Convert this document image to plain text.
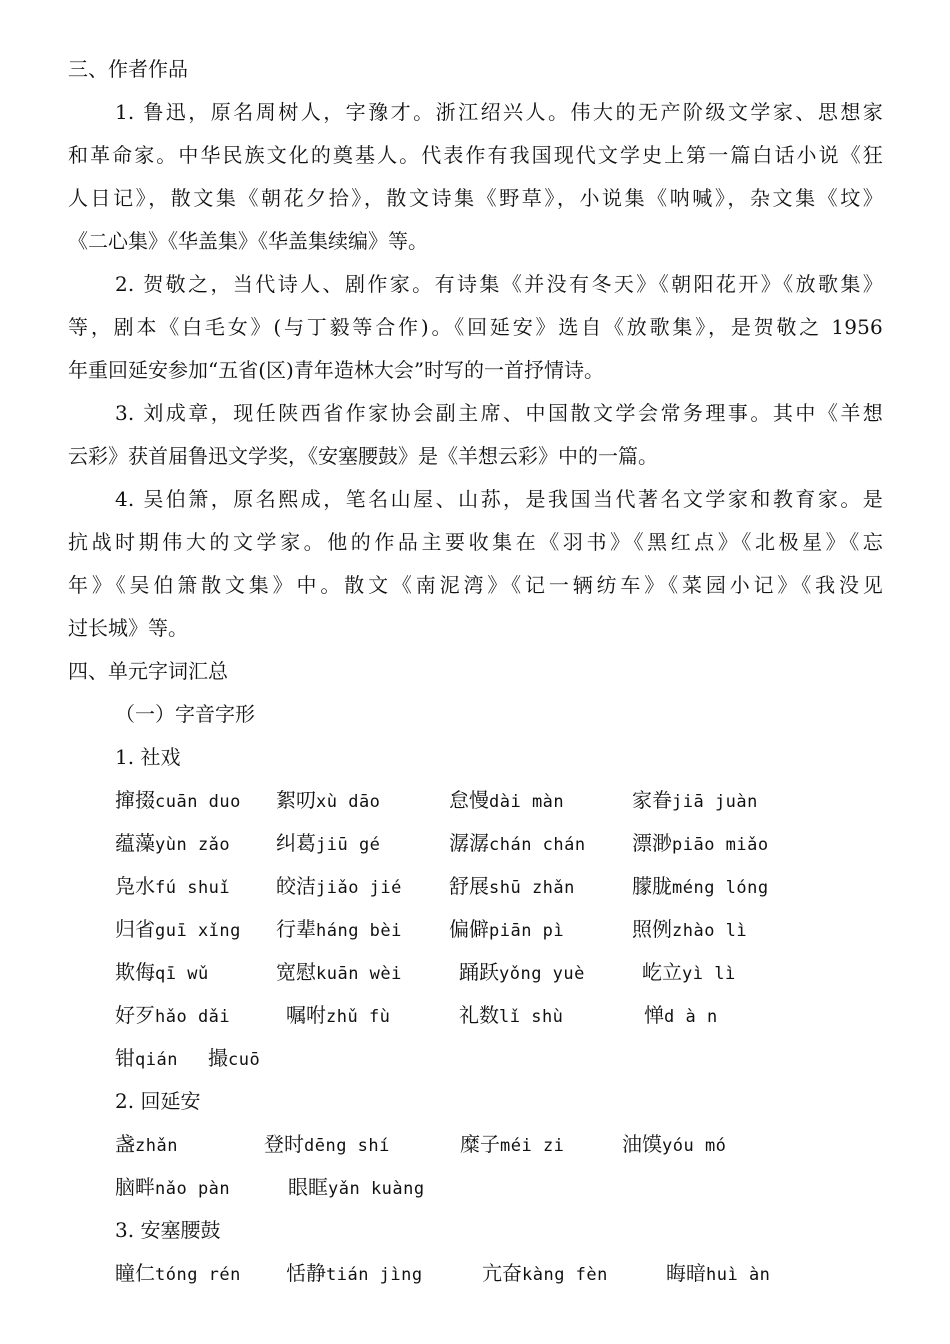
三、作者作品
1. 鲁迅，原名周树人，字豫才。浙江绍兴人。伟大的无产阶级文学家、思想家
和革命家。中华民族文化的奠基人。代表作有我国现代文学史上第一篇白话小说《狂
人日记》，散文集《朝花夕拾》，散文诗集《野草》，小说集《呐喊》，杂文集《坟》
《二心集》《华盖集》《华盖集续编》等。
2. 贺敬之，当代诗人、剧作家。有诗集《并没有冬天》《朝阳花开》《放歌集》
等，剧本《白毛女》(与丁毅等合作)。《回延安》选自《放歌集》，是贺敬之 1956
年重回延安参加“五省(区)青年造林大会”时写的一首抒情诗。
3. 刘成章，现任陕西省作家协会副主席、中国散文学会常务理事。其中《羊想
云彩》获首届鲁迅文学奖，《安塞腰鼓》是《羊想云彩》中的一篇。
4. 吴伯箫，原名熙成，笔名山屋、山荪，是我国当代著名文学家和教育家。是
抗战时期伟大的文学家。他的作品主要收集在《羽书》《黑红点》《北极星》《忘
年》《吴伯箫散文集》中。散文《南泥湾》《记一辆纺车》《菜园小记》《我没见
过长城》等。
四、单元字词汇总
（一）字音字形
1. 社戏
撺掇cuān duo 絮叨xù dāo	怠慢dài màn	家眷jiā juàn
蕴藻yùn zǎo 纠葛jiū gé	潺潺chán chán 漂渺piāo miǎo
凫水fú shuǐ 皎洁jiǎo jié 舒展shū zhǎn	朦胧méng lóng
归省guī xǐng 行辈háng bèi 偏僻piān pì	照例zhào lì
欺侮qī wǔ	宽慰kuān wèi	踊跃yǒng yuè	屹立yì lì
好歹hǎo dǎi	嘱咐zhǔ fù	礼数lǐ shù	惮d à n
钳qián 撮cuō
2. 回延安
盏zhǎn	登时dēng shí	糜子méi zi	油馍yóu mó
脑畔nǎo pàn	眼眶yǎn kuàng
3. 安塞腰鼓
瞳仁tóng rén 恬静tián jìng	亢奋kàng fèn	晦暗huì àn
